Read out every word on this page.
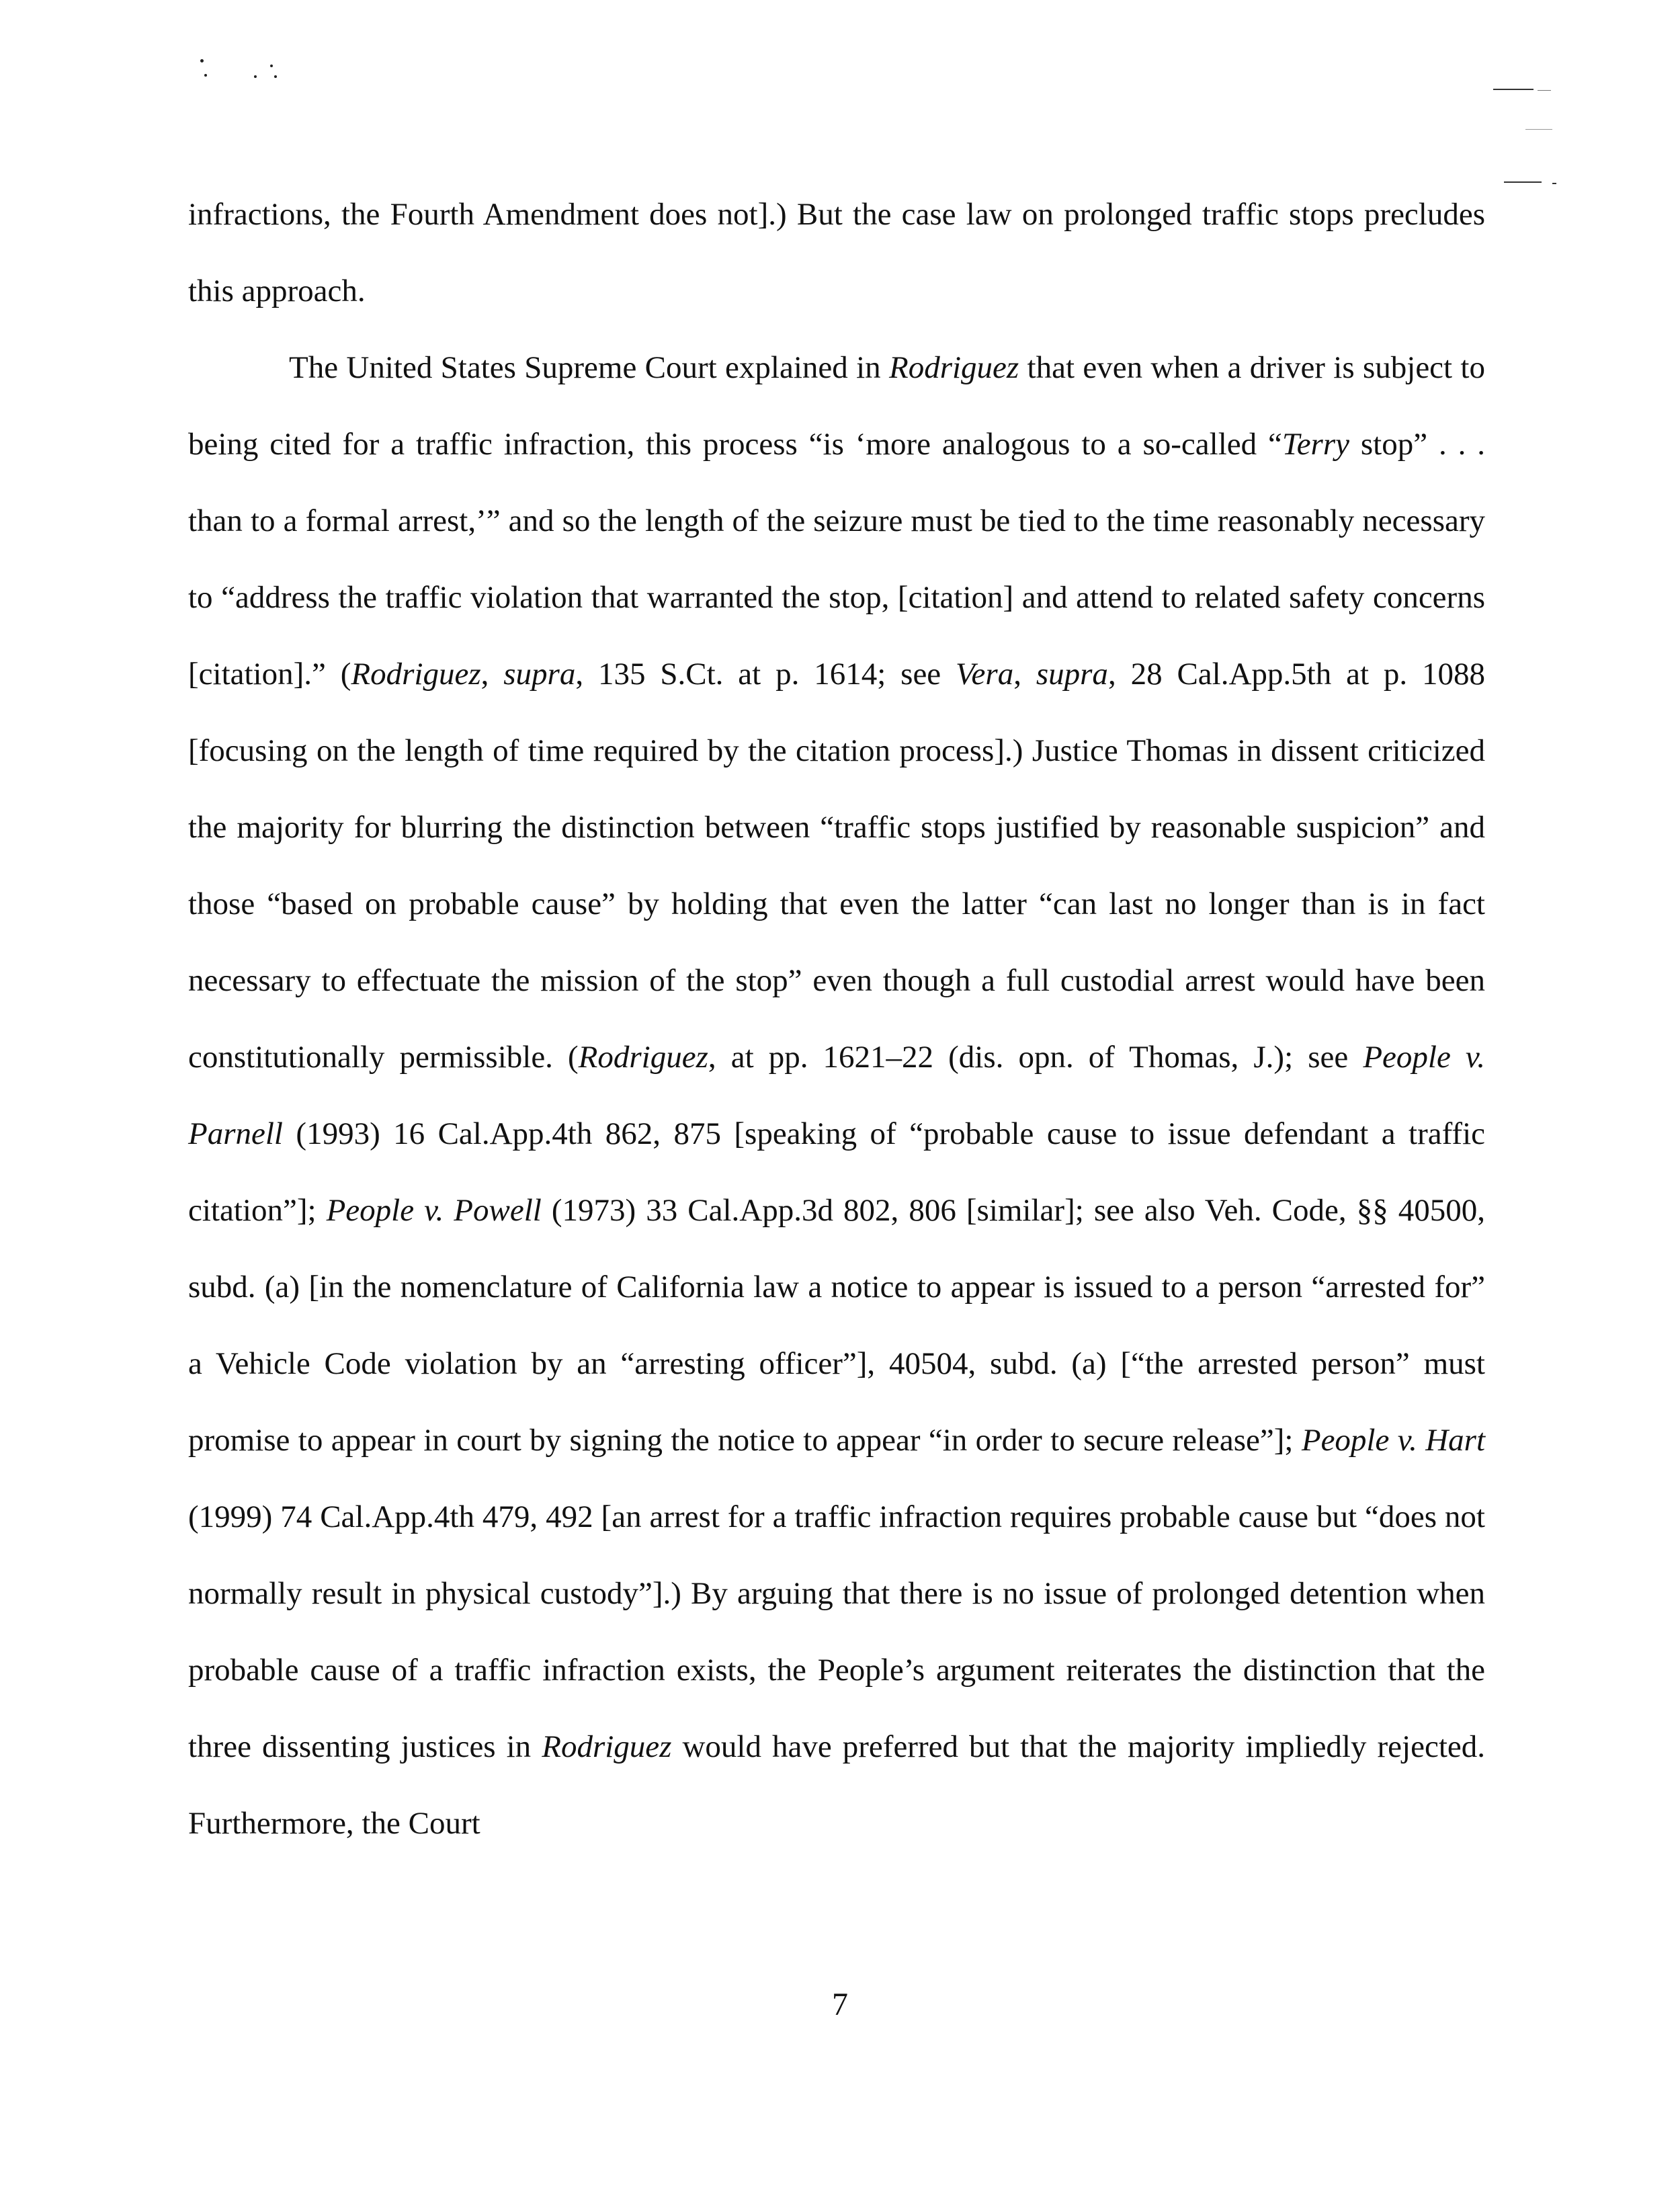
infractions, the Fourth Amendment does not].) But the case law on prolonged traffic stops precludes this approach.

The United States Supreme Court explained in Rodriguez that even when a driver is subject to being cited for a traffic infraction, this process “is ‘more analogous to a so-called “Terry stop” . . . than to a formal arrest,’” and so the length of the seizure must be tied to the time reasonably necessary to “address the traffic violation that warranted the stop, [citation] and attend to related safety concerns [citation].” (Rodriguez, supra, 135 S.Ct. at p. 1614; see Vera, supra, 28 Cal.App.5th at p. 1088 [focusing on the length of time required by the citation process].) Justice Thomas in dissent criticized the majority for blurring the distinction between “traffic stops justified by reasonable suspicion” and those “based on probable cause” by holding that even the latter “can last no longer than is in fact necessary to effectuate the mission of the stop” even though a full custodial arrest would have been constitutionally permissible. (Rodriguez, at pp. 1621–22 (dis. opn. of Thomas, J.); see People v. Parnell (1993) 16 Cal.App.4th 862, 875 [speaking of “probable cause to issue defendant a traffic citation”]; People v. Powell (1973) 33 Cal.App.3d 802, 806 [similar]; see also Veh. Code, §§ 40500, subd. (a) [in the nomenclature of California law a notice to appear is issued to a person “arrested for” a Vehicle Code violation by an “arresting officer”], 40504, subd. (a) [“the arrested person” must promise to appear in court by signing the notice to appear “in order to secure release”]; People v. Hart (1999) 74 Cal.App.4th 479, 492 [an arrest for a traffic infraction requires probable cause but “does not normally result in physical custody”].) By arguing that there is no issue of prolonged detention when probable cause of a traffic infraction exists, the People’s argument reiterates the distinction that the three dissenting justices in Rodriguez would have preferred but that the majority impliedly rejected. Furthermore, the Court

7
